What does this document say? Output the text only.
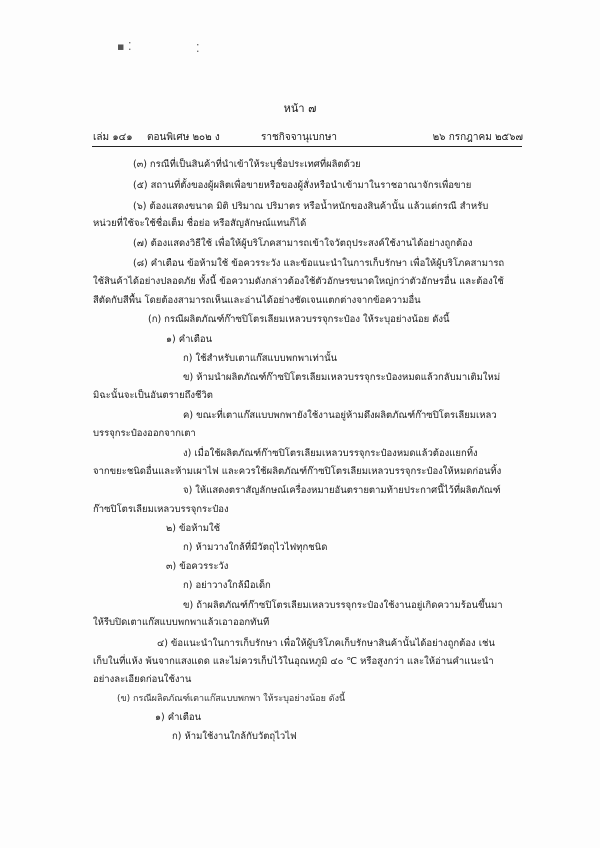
▪ ⁚	⁚
หน้า ๗
เล่ม ๑๔๑ ตอนพิเศษ ๒๐๒ ง	ราชกิจจานุเบกษา	๒๖ กรกฎาคม ๒๕๖๗
(๓) กรณีที่เป็นสินค้าที่นำเข้าให้ระบุชื่อประเทศที่ผลิตด้วย
(๕) สถานที่ตั้งของผู้ผลิตเพื่อขายหรือของผู้สั่งหรือนำเข้ามาในราชอาณาจักรเพื่อขาย
(๖) ต้องแสดงขนาด มิติ ปริมาณ ปริมาตร หรือน้ำหนักของสินค้านั้น แล้วแต่กรณี สำหรับ
หน่วยที่ใช้จะใช้ชื่อเต็ม ชื่อย่อ หรือสัญลักษณ์แทนก็ได้
(๗) ต้องแสดงวิธีใช้ เพื่อให้ผู้บริโภคสามารถเข้าใจวัตถุประสงค์ใช้งานได้อย่างถูกต้อง
(๘) คำเตือน ข้อห้ามใช้ ข้อควรระวัง และข้อแนะนำในการเก็บรักษา เพื่อให้ผู้บริโภคสามารถ
ใช้สินค้าได้อย่างปลอดภัย ทั้งนี้ ข้อความดังกล่าวต้องใช้ตัวอักษรขนาดใหญ่กว่าตัวอักษรอื่น และต้องใช้
สีตัดกับสีพื้น โดยต้องสามารถเห็นและอ่านได้อย่างชัดเจนแตกต่างจากข้อความอื่น
(ก) กรณีผลิตภัณฑ์ก๊าซปิโตรเลียมเหลวบรรจุกระป๋อง ให้ระบุอย่างน้อย ดังนี้
๑) คำเตือน
ก) ใช้สำหรับเตาแก๊สแบบพกพาเท่านั้น
ข) ห้ามนำผลิตภัณฑ์ก๊าซปิโตรเลียมเหลวบรรจุกระป๋องหมดแล้วกลับมาเติมใหม่
มิฉะนั้นจะเป็นอันตรายถึงชีวิต
ค) ขณะที่เตาแก๊สแบบพกพายังใช้งานอยู่ห้ามดึงผลิตภัณฑ์ก๊าซปิโตรเลียมเหลว
บรรจุกระป๋องออกจากเตา
ง) เมื่อใช้ผลิตภัณฑ์ก๊าซปิโตรเลียมเหลวบรรจุกระป๋องหมดแล้วต้องแยกทิ้ง
จากขยะชนิดอื่นและห้ามเผาไฟ และควรใช้ผลิตภัณฑ์ก๊าซปิโตรเลียมเหลวบรรจุกระป๋องให้หมดก่อนทิ้ง
จ) ให้แสดงตราสัญลักษณ์เครื่องหมายอันตรายตามท้ายประกาศนี้ไว้ที่ผลิตภัณฑ์
ก๊าซปิโตรเลียมเหลวบรรจุกระป๋อง
๒) ข้อห้ามใช้
ก) ห้ามวางใกล้ที่มีวัตถุไวไฟทุกชนิด
๓) ข้อควรระวัง
ก) อย่าวางใกล้มือเด็ก
ข) ถ้าผลิตภัณฑ์ก๊าซปิโตรเลียมเหลวบรรจุกระป๋องใช้งานอยู่เกิดความร้อนขึ้นมา
ให้รีบปิดเตาแก๊สแบบพกพาแล้วเอาออกทันที
๔) ข้อแนะนำในการเก็บรักษา เพื่อให้ผู้บริโภคเก็บรักษาสินค้านั้นได้อย่างถูกต้อง เช่น
เก็บในที่แห้ง พ้นจากแสงแดด และไม่ควรเก็บไว้ในอุณหภูมิ ๔๐ ℃ หรือสูงกว่า และให้อ่านคำแนะนำ
อย่างละเอียดก่อนใช้งาน
(ข) กรณีผลิตภัณฑ์เตาแก๊สแบบพกพา ให้ระบุอย่างน้อย ดังนี้
๑) คำเตือน
ก) ห้ามใช้งานใกล้กับวัตถุไวไฟ
